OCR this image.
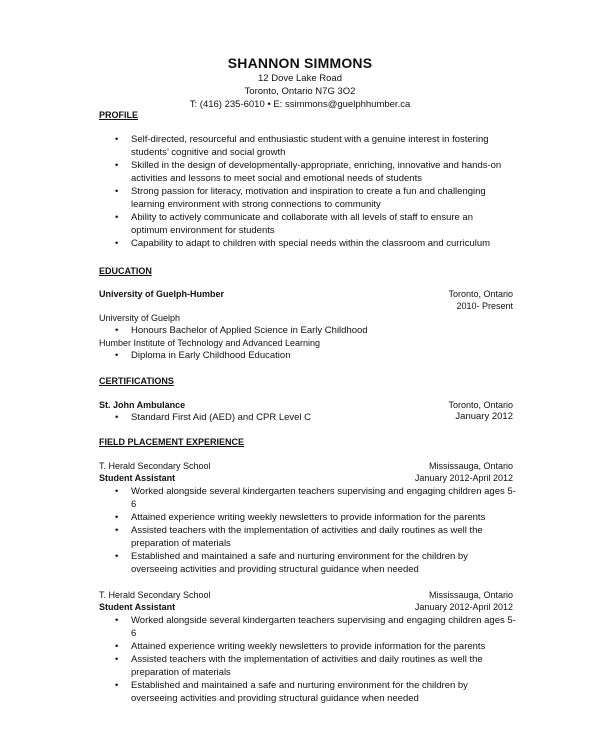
SHANNON SIMMONS
12 Dove Lake Road
Toronto, Ontario N7G 3O2
T: (416) 235-6010 • E: ssimmons@guelphhumber.ca
PROFILE
• Self-directed, resourceful and enthusiastic student with a genuine interest in fostering students’ cognitive and social growth
• Skilled in the design of developmentally-appropriate, enriching, innovative and hands-on activities and lessons to meet social and emotional needs of students
• Strong passion for literacy, motivation and inspiration to create a fun and challenging learning environment with strong connections to community
• Ability to actively communicate and collaborate with all levels of staff to ensure an optimum environment for students
• Capability to adapt to children with special needs within the classroom and curriculum
EDUCATION
University of Guelph-Humber	Toronto, Ontario
2010- Present
University of Guelph
• Honours Bachelor of Applied Science in Early Childhood
Humber Institute of Technology and Advanced Learning
• Diploma in Early Childhood Education
CERTIFICATIONS
St. John Ambulance	Toronto, Ontario
• Standard First Aid (AED) and CPR Level C	January 2012
FIELD PLACEMENT EXPERIENCE
T. Herald Secondary School	Mississauga, Ontario
Student Assistant	January 2012-April 2012
• Worked alongside several kindergarten teachers supervising and engaging children ages 5-6
• Attained experience writing weekly newsletters to provide information for the parents
• Assisted teachers with the implementation of activities and daily routines as well the preparation of materials
• Established and maintained a safe and nurturing environment for the children by overseeing activities and providing structural guidance when needed
T. Herald Secondary School	Mississauga, Ontario
Student Assistant	January 2012-April 2012
• Worked alongside several kindergarten teachers supervising and engaging children ages 5-6
• Attained experience writing weekly newsletters to provide information for the parents
• Assisted teachers with the implementation of activities and daily routines as well the preparation of materials
• Established and maintained a safe and nurturing environment for the children by overseeing activities and providing structural guidance when needed
